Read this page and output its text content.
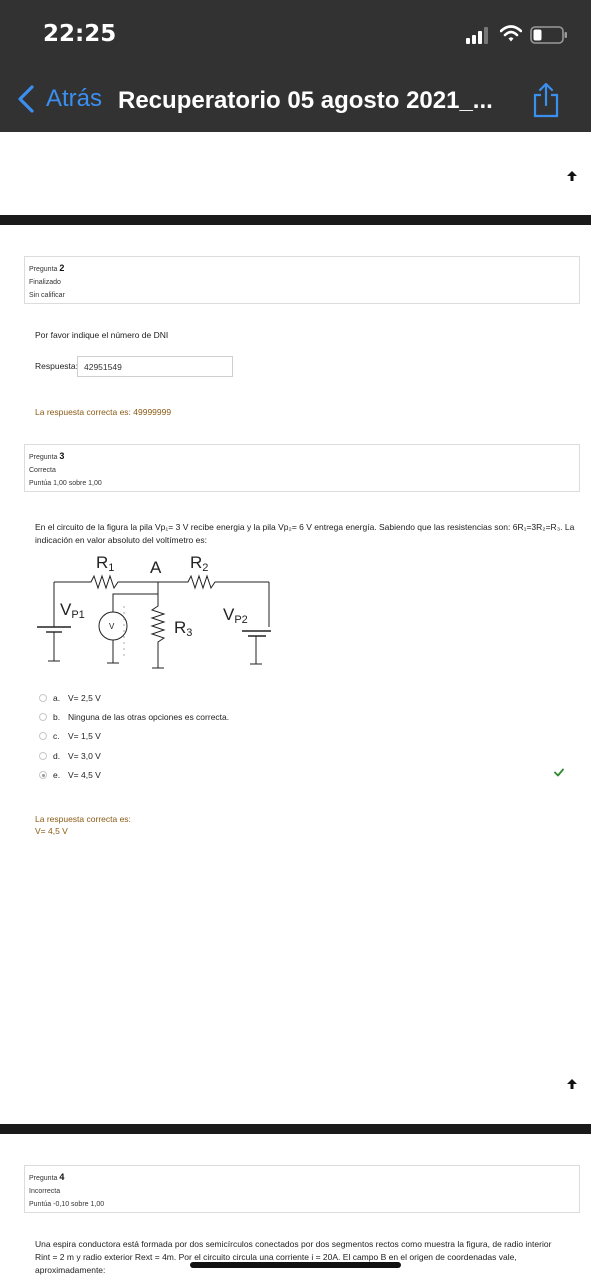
22:25
Atrás Recuperatorio 05 agosto 2021_...
Pregunta 2
Finalizado
Sin calificar
Por favor indique el número de DNI
Respuesta: 42951549
La respuesta correcta es: 49999999
Pregunta 3
Correcta
Puntúa 1,00 sobre 1,00
En el circuito de la figura la pila Vp₁= 3 V recibe energia y la pila Vp₂= 6 V entrega energía. Sabiendo que las resistencias son: 6R₁=3R₂=R₃. La
indicación en valor absoluto del voltímetro es:
R1 A R2
VP1
V	R3
VP2
a. V= 2,5 V
b. Ninguna de las otras opciones es correcta.
c. V= 1,5 V
d. V= 3,0 V
e. V= 4,5 V
La respuesta correcta es:
V= 4,5 V
Pregunta 4
Incorrecta
Puntúa -0,10 sobre 1,00
Una espira conductora está formada por dos semicírculos conectados por dos segmentos rectos como muestra la figura, de radio interior
Rint = 2 m y radio exterior Rext = 4m. Por el circuito circula una corriente i = 20A. El campo B en el origen de coordenadas vale,
aproximadamente:
